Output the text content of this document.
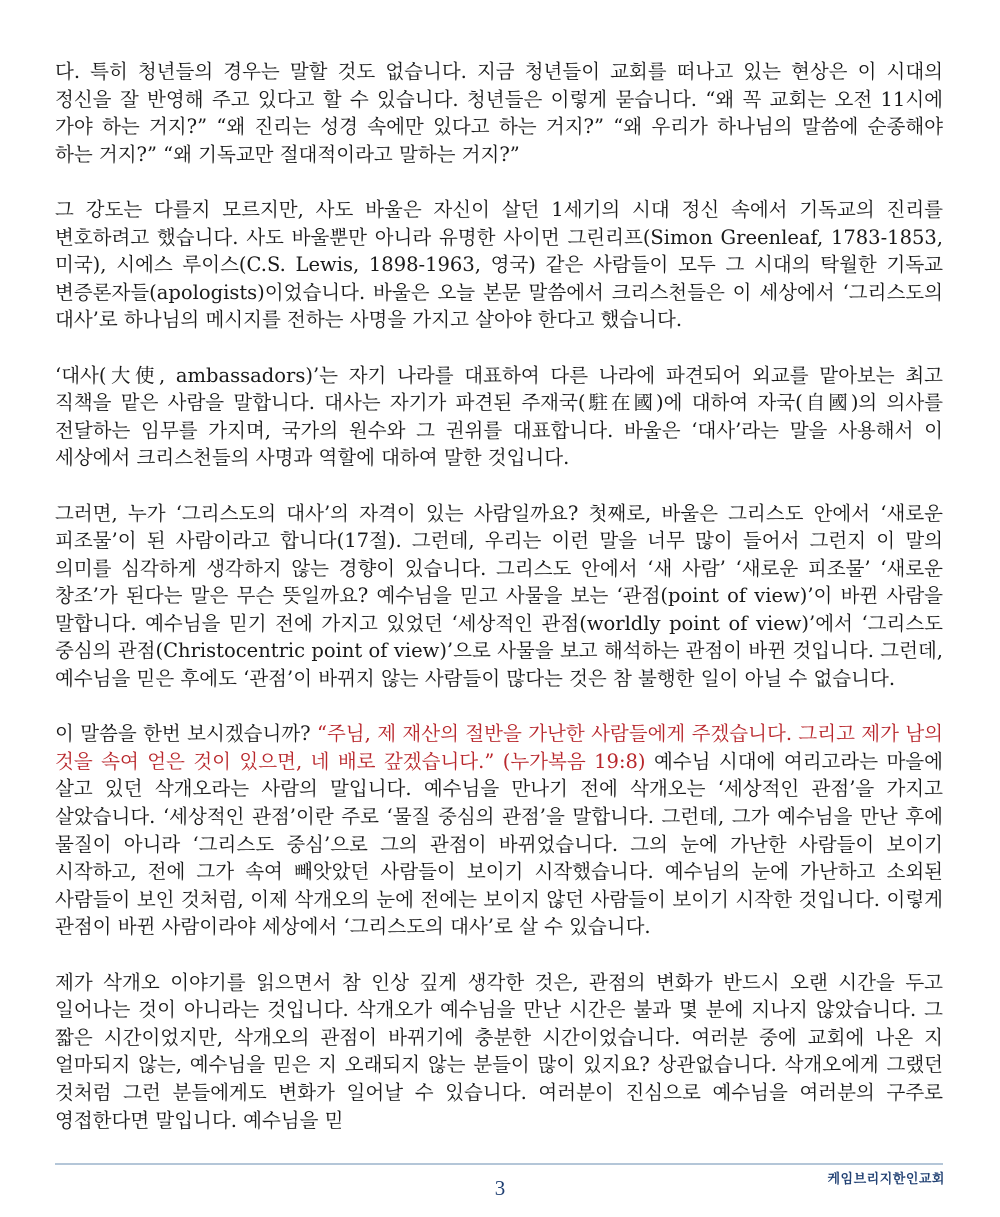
다. 특히 청년들의 경우는 말할 것도 없습니다. 지금 청년들이 교회를 떠나고 있는 현상은 이 시대의 정신을 잘 반영해 주고 있다고 할 수 있습니다. 청년들은 이렇게 묻습니다. “왜 꼭 교회는 오전 11시에 가야 하는 거지?” “왜 진리는 성경 속에만 있다고 하는 거지?” “왜 우리가 하나님의 말씀에 순종해야 하는 거지?” “왜 기독교만 절대적이라고 말하는 거지?”

그 강도는 다를지 모르지만, 사도 바울은 자신이 살던 1세기의 시대 정신 속에서 기독교의 진리를 변호하려고 했습니다. 사도 바울뿐만 아니라 유명한 사이먼 그린리프(Simon Greenleaf, 1783-1853, 미국), 시에스 루이스(C.S. Lewis, 1898-1963, 영국) 같은 사람들이 모두 그 시대의 탁월한 기독교 변증론자들(apologists)이었습니다. 바울은 오늘 본문 말씀에서 크리스천들은 이 세상에서 ‘그리스도의 대사’로 하나님의 메시지를 전하는 사명을 가지고 살아야 한다고 했습니다.

‘대사(大使, ambassadors)’는 자기 나라를 대표하여 다른 나라에 파견되어 외교를 맡아보는 최고 직책을 맡은 사람을 말합니다. 대사는 자기가 파견된 주재국(駐在國)에 대하여 자국(自國)의 의사를 전달하는 임무를 가지며, 국가의 원수와 그 권위를 대표합니다. 바울은 ‘대사’라는 말을 사용해서 이 세상에서 크리스천들의 사명과 역할에 대하여 말한 것입니다.

그러면, 누가 ‘그리스도의 대사’의 자격이 있는 사람일까요? 첫째로, 바울은 그리스도 안에서 ‘새로운 피조물’이 된 사람이라고 합니다(17절). 그런데, 우리는 이런 말을 너무 많이 들어서 그런지 이 말의 의미를 심각하게 생각하지 않는 경향이 있습니다. 그리스도 안에서 ‘새 사람’ ‘새로운 피조물’ ‘새로운 창조’가 된다는 말은 무슨 뜻일까요? 예수님을 믿고 사물을 보는 ‘관점(point of view)’이 바뀐 사람을 말합니다. 예수님을 믿기 전에 가지고 있었던 ‘세상적인 관점(worldly point of view)’에서 ‘그리스도 중심의 관점(Christocentric point of view)’으로 사물을 보고 해석하는 관점이 바뀐 것입니다. 그런데, 예수님을 믿은 후에도 ‘관점’이 바뀌지 않는 사람들이 많다는 것은 참 불행한 일이 아닐 수 없습니다.

이 말씀을 한번 보시겠습니까? “주님, 제 재산의 절반을 가난한 사람들에게 주겠습니다. 그리고 제가 남의 것을 속여 얻은 것이 있으면, 네 배로 갚겠습니다.” (누가복음 19:8) 예수님 시대에 여리고라는 마을에 살고 있던 삭개오라는 사람의 말입니다. 예수님을 만나기 전에 삭개오는 ‘세상적인 관점’을 가지고 살았습니다. ‘세상적인 관점’이란 주로 ‘물질 중심의 관점’을 말합니다. 그런데, 그가 예수님을 만난 후에 물질이 아니라 ‘그리스도 중심’으로 그의 관점이 바뀌었습니다. 그의 눈에 가난한 사람들이 보이기 시작하고, 전에 그가 속여 빼앗았던 사람들이 보이기 시작했습니다. 예수님의 눈에 가난하고 소외된 사람들이 보인 것처럼, 이제 삭개오의 눈에 전에는 보이지 않던 사람들이 보이기 시작한 것입니다. 이렇게 관점이 바뀐 사람이라야 세상에서 ‘그리스도의 대사’로 살 수 있습니다.

제가 삭개오 이야기를 읽으면서 참 인상 깊게 생각한 것은, 관점의 변화가 반드시 오랜 시간을 두고 일어나는 것이 아니라는 것입니다. 삭개오가 예수님을 만난 시간은 불과 몇 분에 지나지 않았습니다. 그 짧은 시간이었지만, 삭개오의 관점이 바뀌기에 충분한 시간이었습니다. 여러분 중에 교회에 나온 지 얼마되지 않는, 예수님을 믿은 지 오래되지 않는 분들이 많이 있지요? 상관없습니다. 삭개오에게 그랬던 것처럼 그런 분들에게도 변화가 일어날 수 있습니다. 여러분이 진심으로 예수님을 여러분의 구주로 영접한다면 말입니다. 예수님을 믿

케임브리지한인교회
3
